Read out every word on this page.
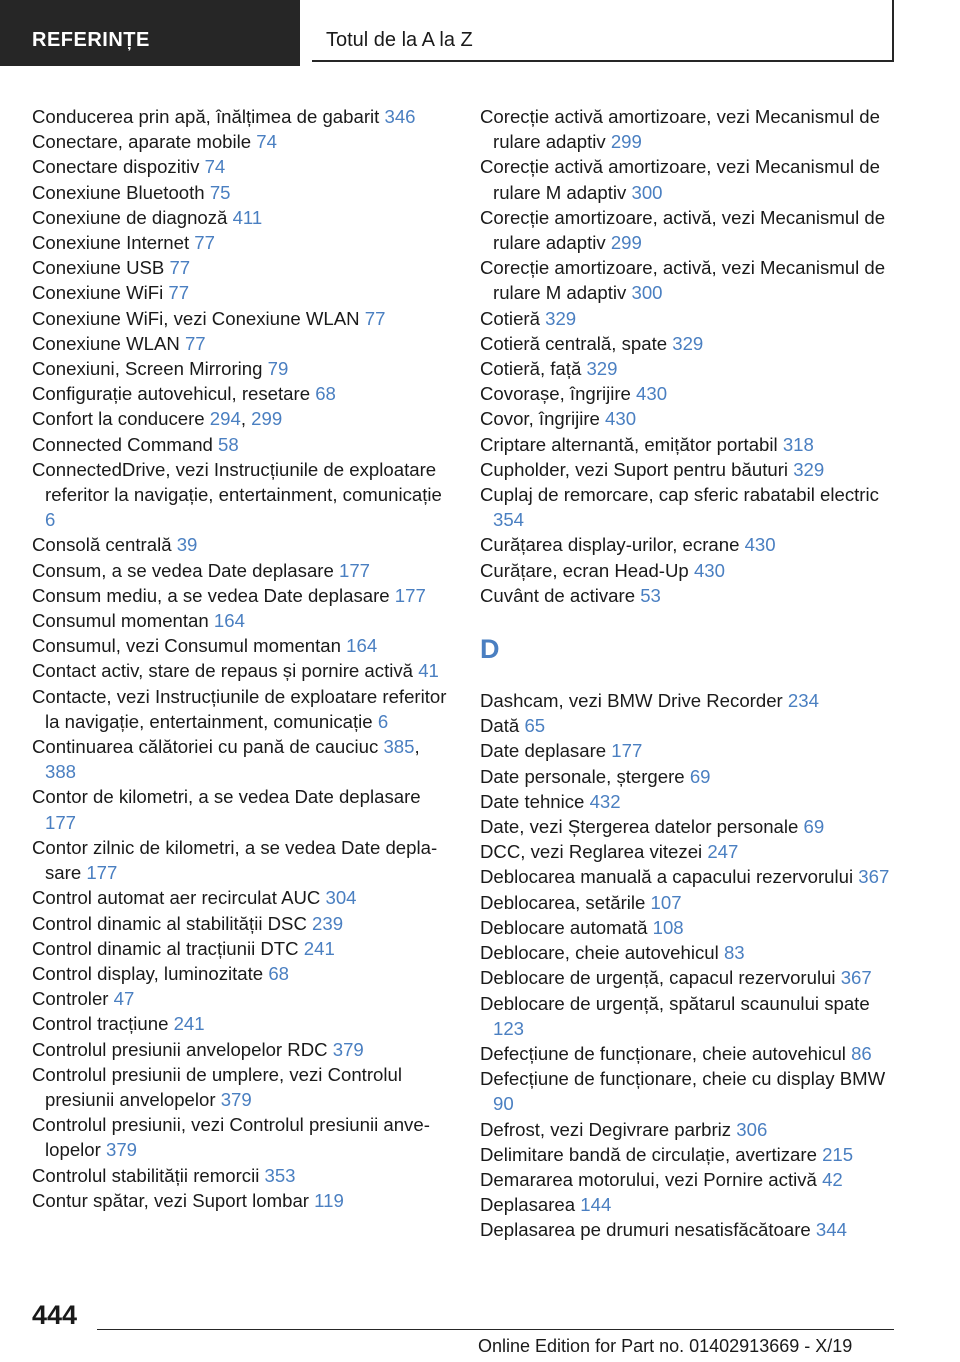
REFERINȚE	Totul de la A la Z
Conducerea prin apă, înălțimea de gabarit 346
Conectare, aparate mobile 74
Conectare dispozitiv 74
Conexiune Bluetooth 75
Conexiune de diagnoză 411
Conexiune Internet 77
Conexiune USB 77
Conexiune WiFi 77
Conexiune WiFi, vezi Conexiune WLAN 77
Conexiune WLAN 77
Conexiuni, Screen Mirroring 79
Configurație autovehicul, resetare 68
Confort la conducere 294, 299
Connected Command 58
ConnectedDrive, vezi Instrucțiunile de exploatare referitor la navigație, entertainment, comunicație 6
Consolă centrală 39
Consum, a se vedea Date deplasare 177
Consum mediu, a se vedea Date deplasare 177
Consumul momentan 164
Consumul, vezi Consumul momentan 164
Contact activ, stare de repaus și pornire activă 41
Contacte, vezi Instrucțiunile de exploatare referitor la navigație, entertainment, comunicație 6
Continuarea călătoriei cu pană de cauciuc 385, 388
Contor de kilometri, a se vedea Date deplasare 177
Contor zilnic de kilometri, a se vedea Date deplasare 177
Control automat aer recirculat AUC 304
Control dinamic al stabilității DSC 239
Control dinamic al tracțiunii DTC 241
Control display, luminozitate 68
Controler 47
Control tracțiune 241
Controlul presiunii anvelopelor RDC 379
Controlul presiunii de umplere, vezi Controlul presiunii anvelopelor 379
Controlul presiunii, vezi Controlul presiunii anvelopelor 379
Controlul stabilității remorcii 353
Contur spătar, vezi Suport lombar 119
Corecție activă amortizoare, vezi Mecanismul de rulare adaptiv 299
Corecție activă amortizoare, vezi Mecanismul de rulare M adaptiv 300
Corecție amortizoare, activă, vezi Mecanismul de rulare adaptiv 299
Corecție amortizoare, activă, vezi Mecanismul de rulare M adaptiv 300
Cotieră 329
Cotieră centrală, spate 329
Cotieră, față 329
Covorașe, îngrijire 430
Covor, îngrijire 430
Criptare alternantă, emițător portabil 318
Cupholder, vezi Suport pentru băuturi 329
Cuplaj de remorcare, cap sferic rabatabil electric 354
Curățarea display-urilor, ecrane 430
Curățare, ecran Head-Up 430
Cuvânt de activare 53
D
Dashcam, vezi BMW Drive Recorder 234
Dată 65
Date deplasare 177
Date personale, ștergere 69
Date tehnice 432
Date, vezi Ștergerea datelor personale 69
DCC, vezi Reglarea vitezei 247
Deblocarea manuală a capacului rezervorului 367
Deblocarea, setările 107
Deblocare automată 108
Deblocare, cheie autovehicul 83
Deblocare de urgență, capacul rezervorului 367
Deblocare de urgență, spătarul scaunului spate 123
Defecțiune de funcționare, cheie autovehicul 86
Defecțiune de funcționare, cheie cu display BMW 90
Defrost, vezi Degivrare parbriz 306
Delimitare bandă de circulație, avertizare 215
Demararea motorului, vezi Pornire activă 42
Deplasarea 144
Deplasarea pe drumuri nesatisfăcătoare 344
444
Online Edition for Part no. 01402913669 - X/19
